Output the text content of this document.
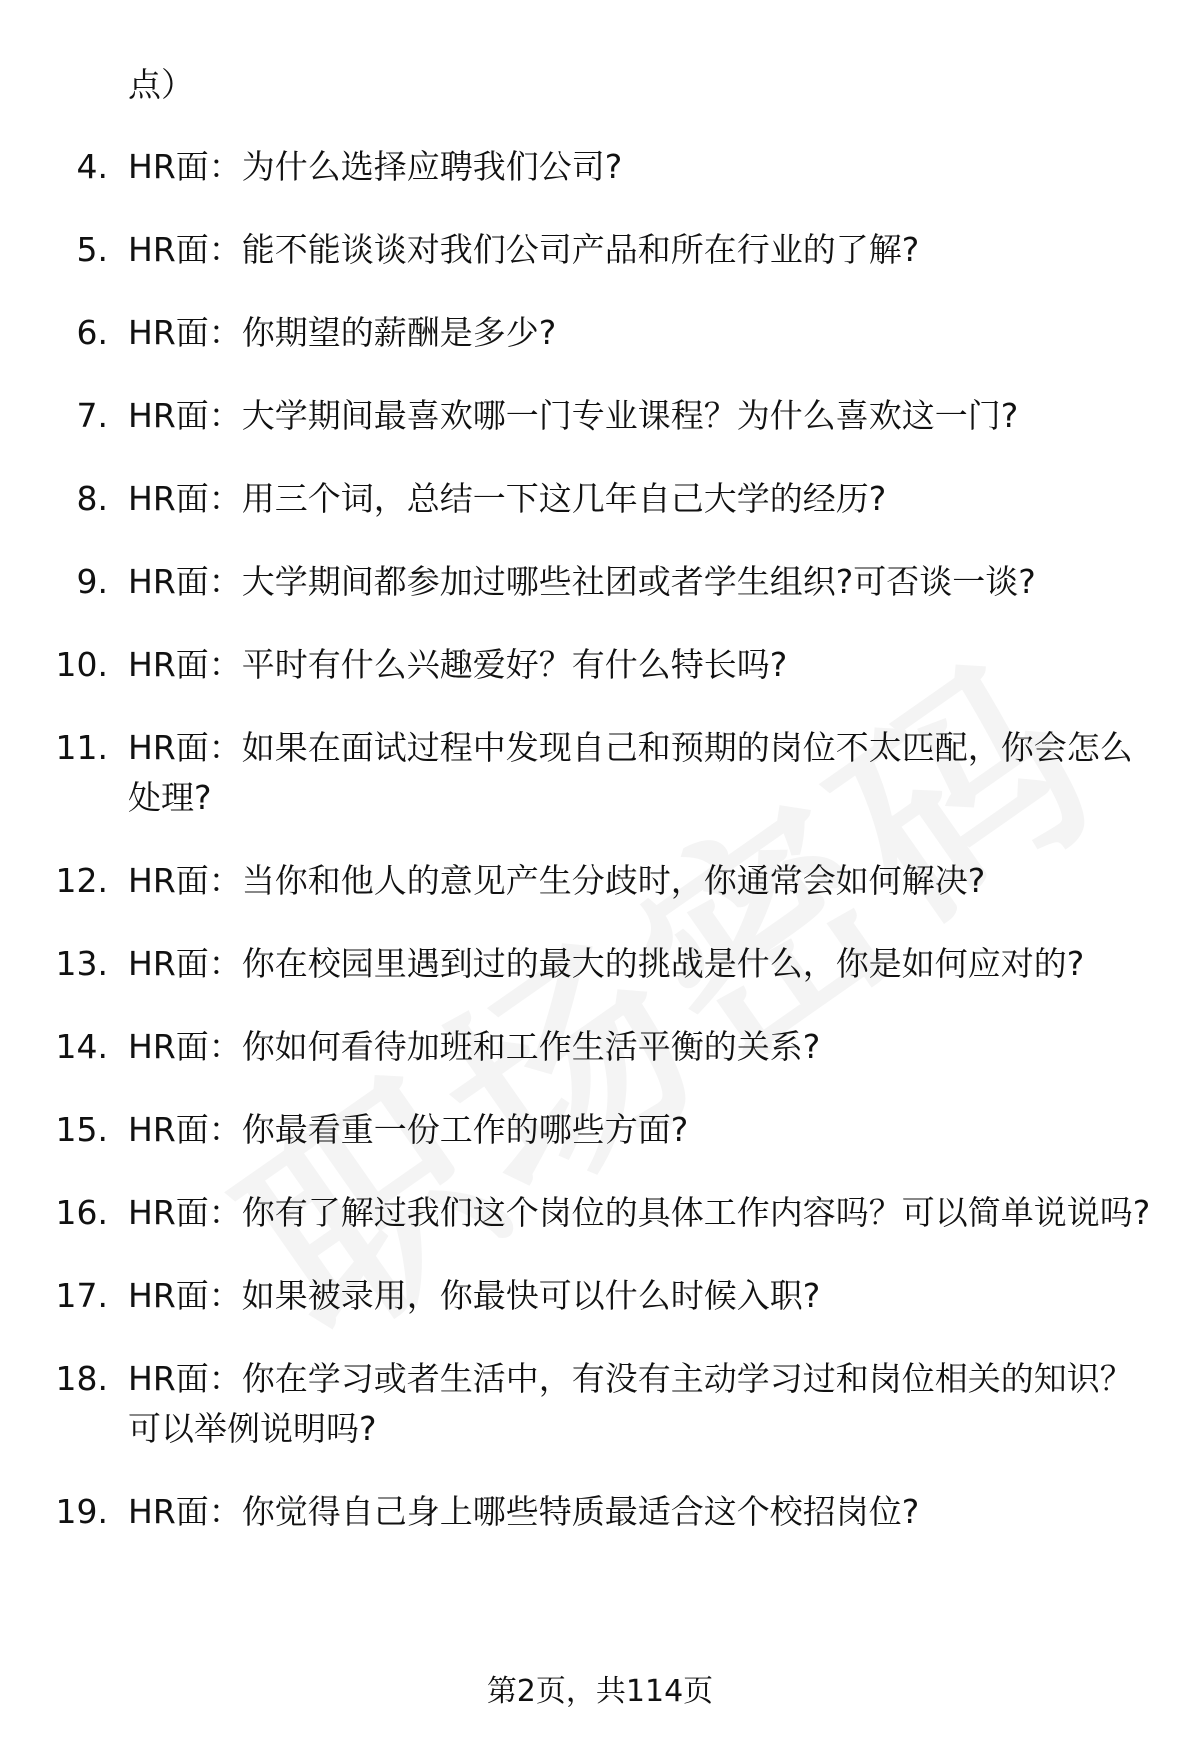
点）
4. HR面：为什么选择应聘我们公司?
5. HR面：能不能谈谈对我们公司产品和所在行业的了解?
6. HR面：你期望的薪酬是多少?
7. HR面：大学期间最喜欢哪一门专业课程？为什么喜欢这一门?
8. HR面：用三个词，总结一下这几年自己大学的经历?
9. HR面：大学期间都参加过哪些社团或者学生组织?可否谈一谈?
10. HR面：平时有什么兴趣爱好？有什么特长吗?
11. HR面：如果在面试过程中发现自己和预期的岗位不太匹配，你会怎么处理?
12. HR面：当你和他人的意见产生分歧时，你通常会如何解决?
13. HR面：你在校园里遇到过的最大的挑战是什么，你是如何应对的?
14. HR面：你如何看待加班和工作生活平衡的关系?
15. HR面：你最看重一份工作的哪些方面?
16. HR面：你有了解过我们这个岗位的具体工作内容吗？可以简单说说吗?
17. HR面：如果被录用，你最快可以什么时候入职?
18. HR面：你在学习或者生活中，有没有主动学习过和岗位相关的知识？可以举例说明吗?
19. HR面：你觉得自己身上哪些特质最适合这个校招岗位?
第2页，共114页
